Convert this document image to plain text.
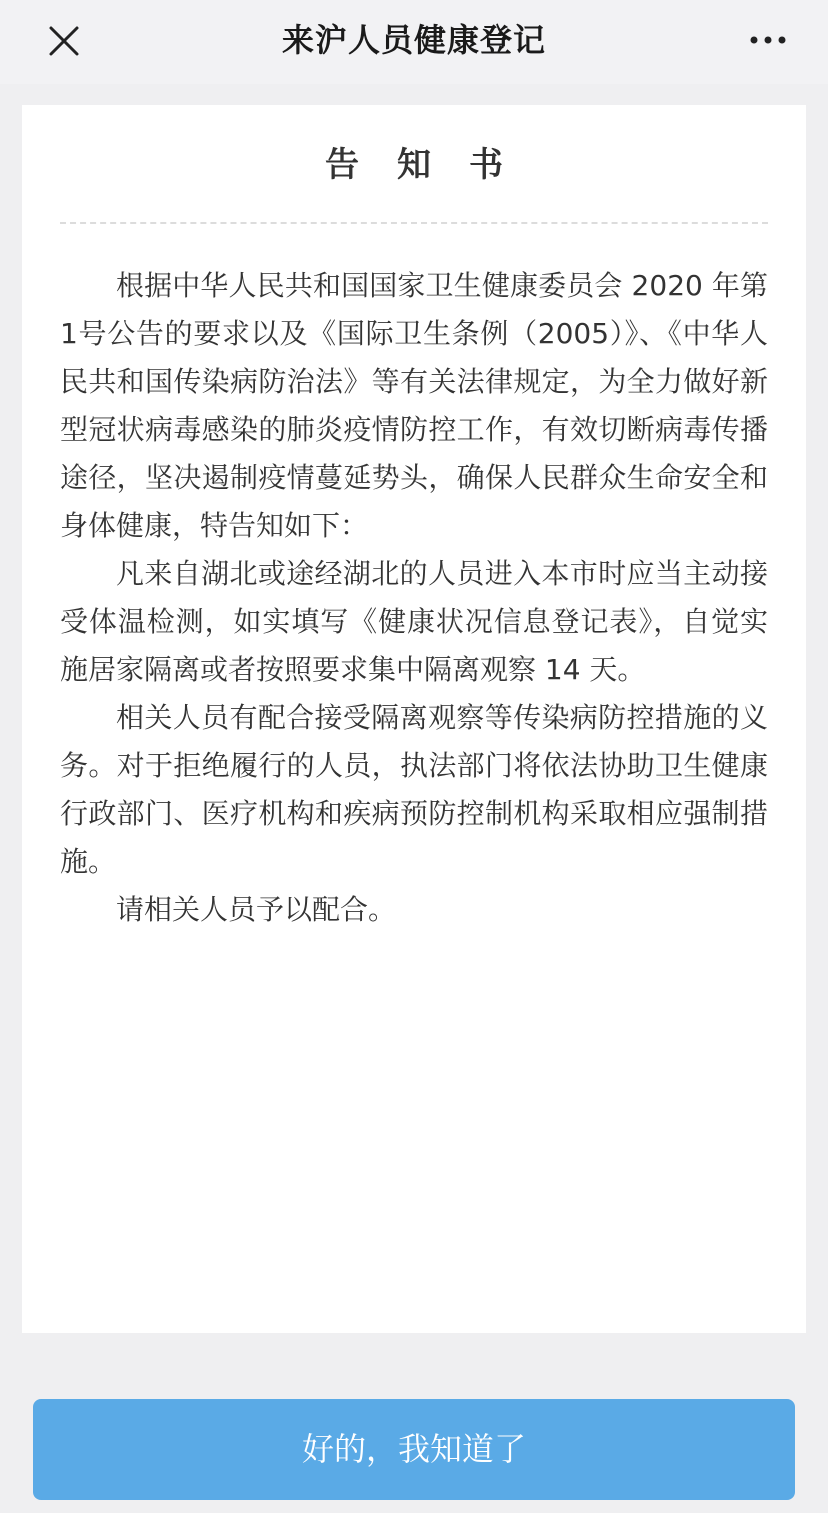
来沪人员健康登记
告知书

根据中华人民共和国国家卫生健康委员会 2020 年第1号公告的要求以及《国际卫生条例（2005）》、《中华人民共和国传染病防治法》等有关法律规定，为全力做好新型冠状病毒感染的肺炎疫情防控工作，有效切断病毒传播途径，坚决遏制疫情蔓延势头，确保人民群众生命安全和身体健康，特告知如下：

凡来自湖北或途经湖北的人员进入本市时应当主动接受体温检测，如实填写《健康状况信息登记表》，自觉实施居家隔离或者按照要求集中隔离观察 14 天。

相关人员有配合接受隔离观察等传染病防控措施的义务。对于拒绝履行的人员，执法部门将依法协助卫生健康行政部门、医疗机构和疾病预防控制机构采取相应强制措施。

请相关人员予以配合。

好的，我知道了
